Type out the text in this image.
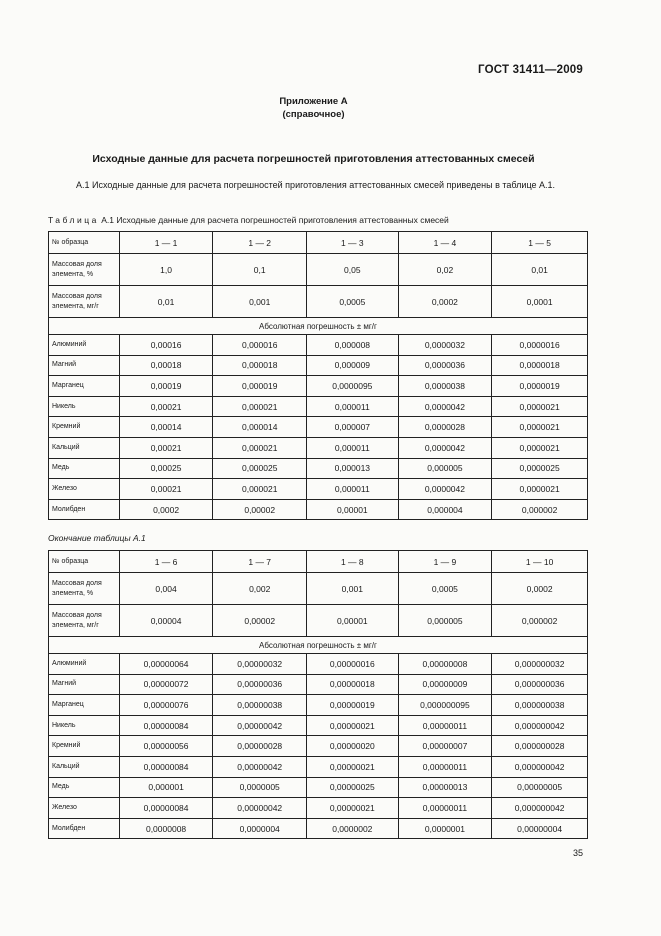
ГОСТ 31411—2009
Приложение А
(справочное)
Исходные данные для расчета погрешностей приготовления аттестованных смесей
А.1 Исходные данные для расчета погрешностей приготовления аттестованных смесей приведены в таблице А.1.
Таблица А.1 Исходные данные для расчета погрешностей приготовления аттестованных смесей
№ образца	1 — 1	1 — 2	1 — 3	1 — 4	1 — 5
Массовая доля элемента, %	1,0	0,1	0,05	0,02	0,01
Массовая доля элемента, мг/г	0,01	0,001	0,0005	0,0002	0,0001
Абсолютная погрешность ± мг/г					
Алюминий	0,00016	0,000016	0,000008	0,0000032	0,0000016
Магний	0,00018	0,000018	0,000009	0,0000036	0,0000018
Марганец	0,00019	0,000019	0,0000095	0,0000038	0,0000019
Никель	0,00021	0,000021	0,000011	0,0000042	0,0000021
Кремний	0,00014	0,000014	0,000007	0,0000028	0,0000021
Кальций	0,00021	0,000021	0,000011	0,0000042	0,0000021
Медь	0,00025	0,000025	0,000013	0,000005	0,0000025
Железо	0,00021	0,000021	0,000011	0,0000042	0,0000021
Молибден	0,0002	0,00002	0,00001	0,000004	0,000002
Окончание таблицы А.1
№ образца	1 — 6	1 — 7	1 — 8	1 — 9	1 — 10
Массовая доля элемента, %	0,004	0,002	0,001	0,0005	0,0002
Массовая доля элемента, мг/г	0,00004	0,00002	0,00001	0,000005	0,000002
Абсолютная погрешность ± мг/г					
Алюминий	0,00000064	0,00000032	0,00000016	0,00000008	0,000000032
Магний	0,00000072	0,00000036	0,00000018	0,00000009	0,000000036
Марганец	0,00000076	0,00000038	0,00000019	0,000000095	0,000000038
Никель	0,00000084	0,00000042	0,00000021	0,00000011	0,000000042
Кремний	0,00000056	0,00000028	0,00000020	0,00000007	0,000000028
Кальций	0,00000084	0,00000042	0,00000021	0,00000011	0,000000042
Медь	0,000001	0,0000005	0,00000025	0,00000013	0,00000005
Железо	0,00000084	0,00000042	0,00000021	0,00000011	0,000000042
Молибден	0,0000008	0,0000004	0,0000002	0,0000001	0,00000004
35
